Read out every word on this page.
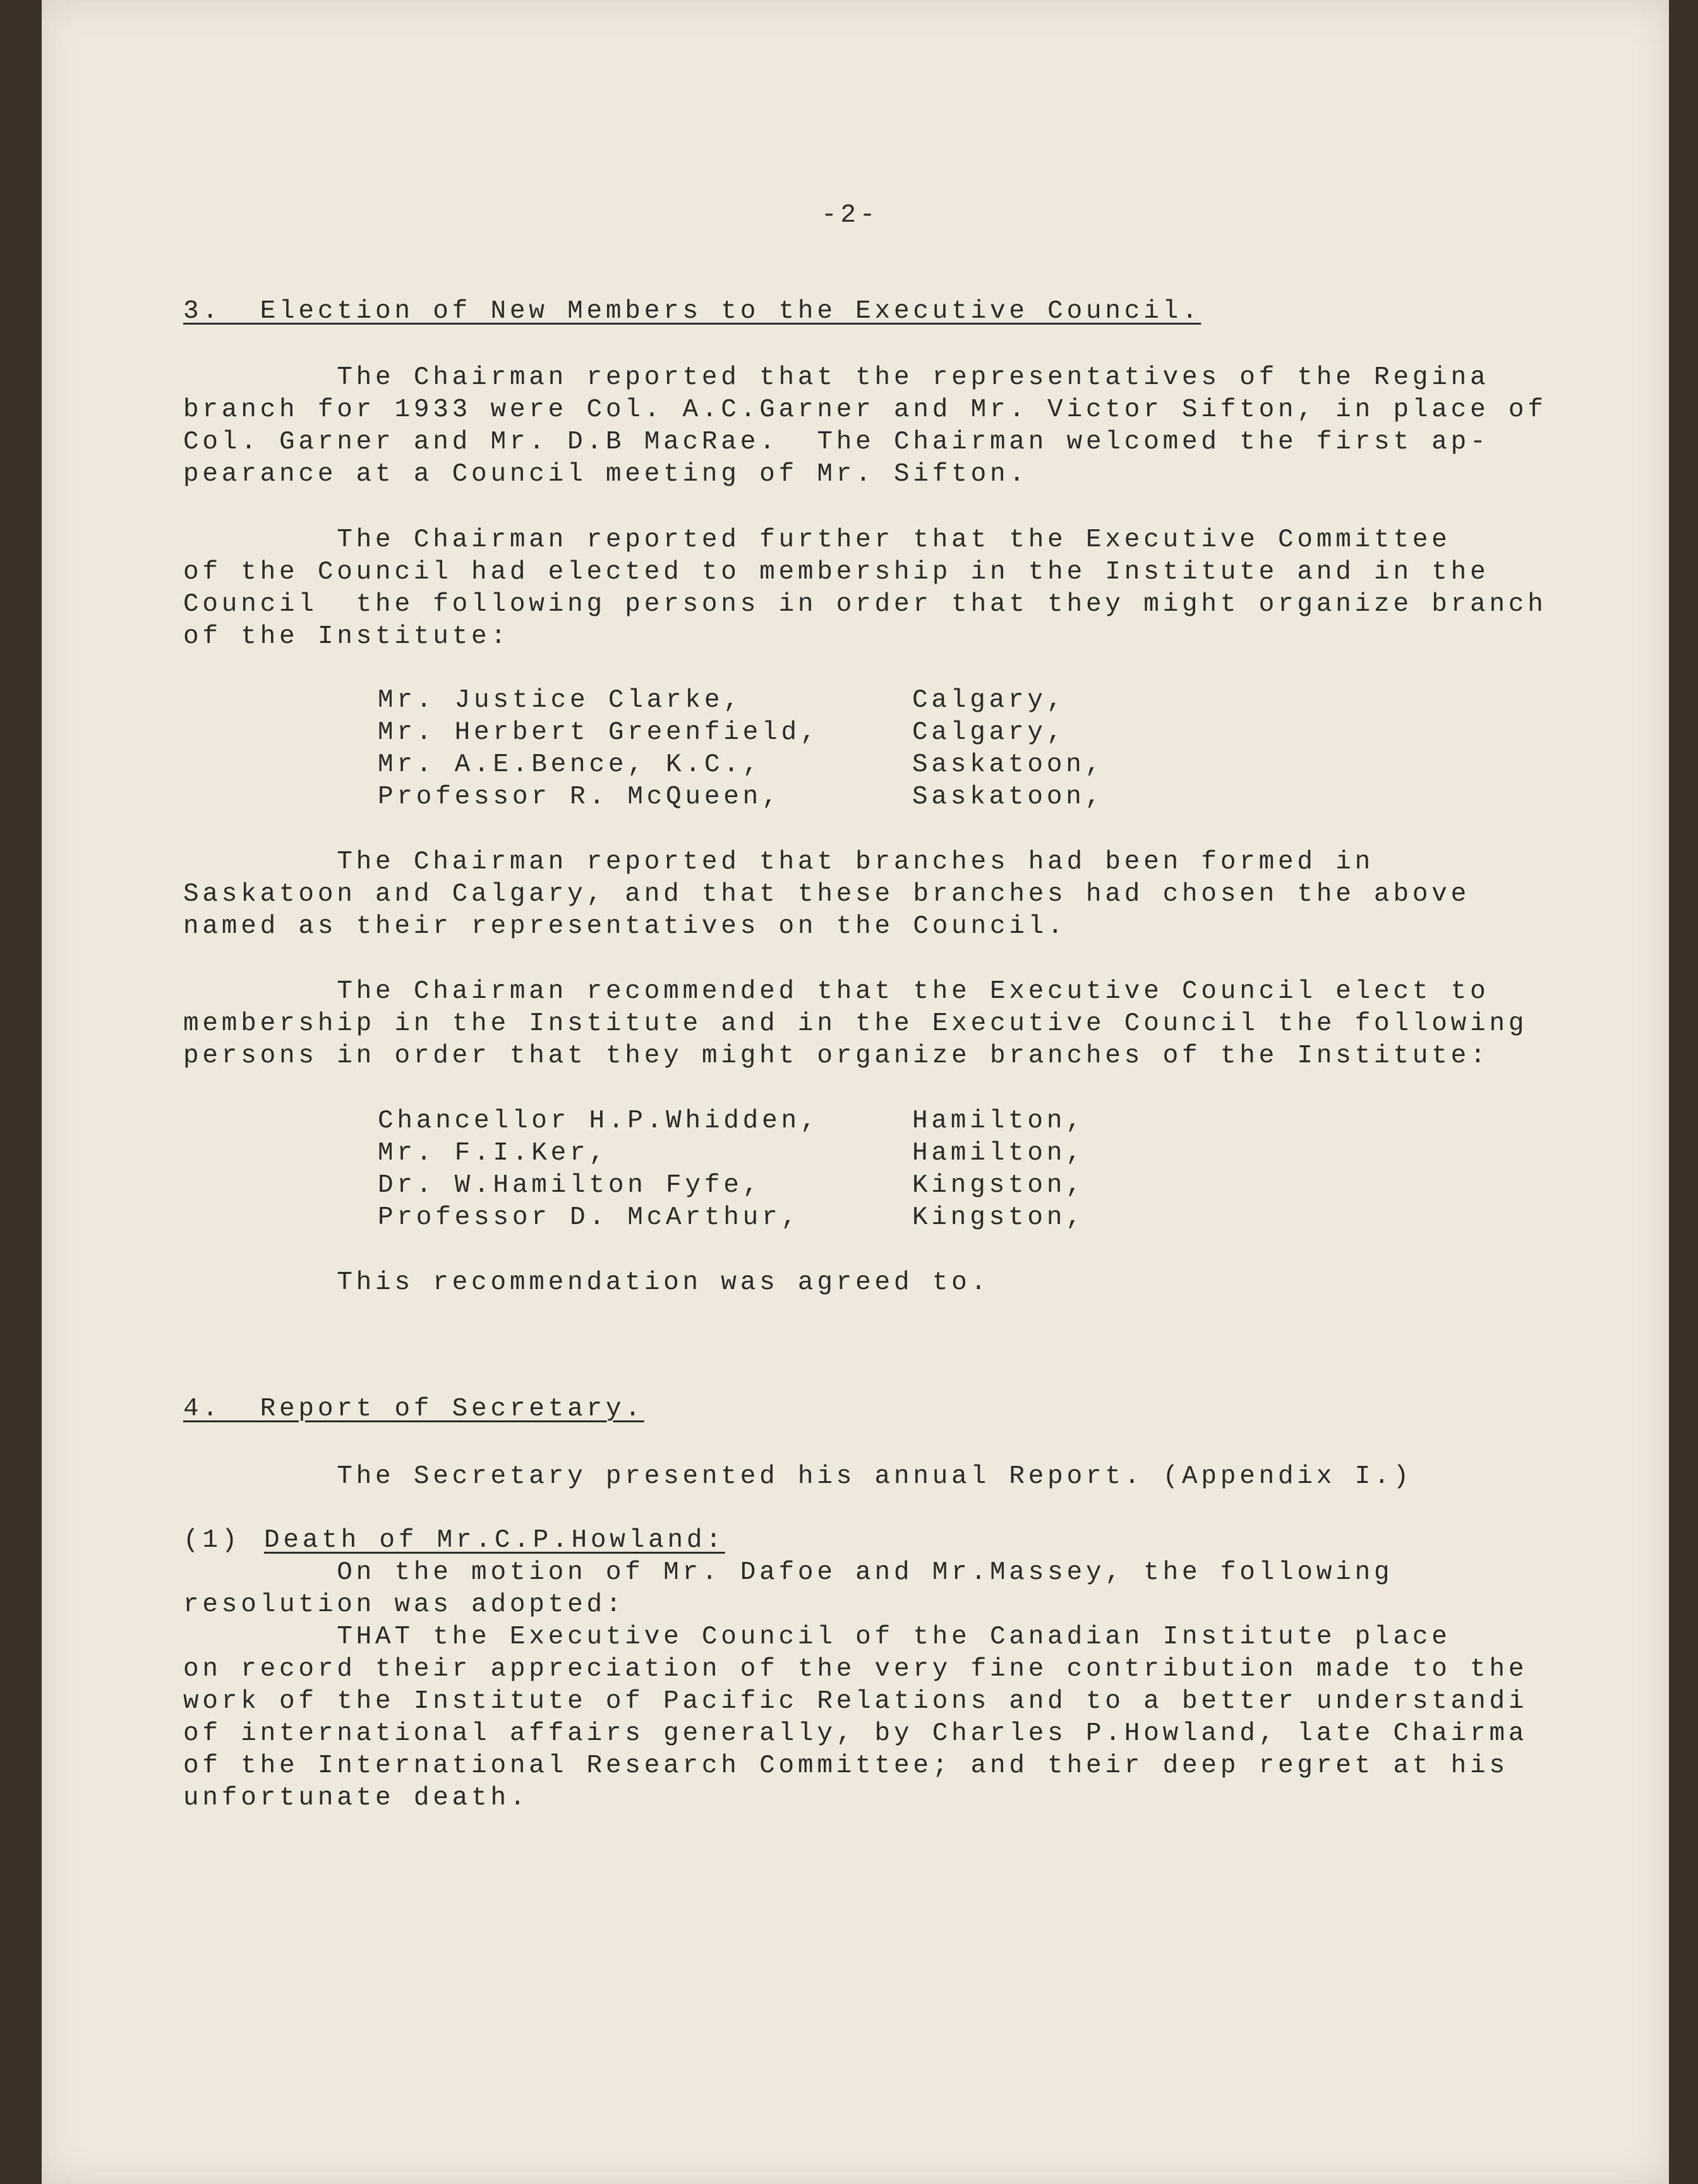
-2-
3.  Election of New Members to the Executive Council.
The Chairman reported that the representatives of the Regina
branch for 1933 were Col. A.C.Garner and Mr. Victor Sifton, in place of
Col. Garner and Mr. D.B MacRae.  The Chairman welcomed the first ap-
pearance at a Council meeting of Mr. Sifton.
The Chairman reported further that the Executive Committee
of the Council had elected to membership in the Institute and in the
Council  the following persons in order that they might organize branch
of the Institute:
Mr. Justice Clarke,	Calgary,
Mr. Herbert Greenfield,	Calgary,
Mr. A.E.Bence, K.C.,	Saskatoon,
Professor R. McQueen,	Saskatoon,
The Chairman reported that branches had been formed in
Saskatoon and Calgary, and that these branches had chosen the above
named as their representatives on the Council.
The Chairman recommended that the Executive Council elect to
membership in the Institute and in the Executive Council the following
persons in order that they might organize branches of the Institute:
Chancellor H.P.Whidden,	Hamilton,
Mr. F.I.Ker,	Hamilton,
Dr. W.Hamilton Fyfe,	Kingston,
Professor D. McArthur,	Kingston,
This recommendation was agreed to.
4.  Report of Secretary.
The Secretary presented his annual Report. (Appendix I.)
(1) Death of Mr.C.P.Howland:
On the motion of Mr. Dafoe and Mr.Massey, the following
resolution was adopted:
THAT the Executive Council of the Canadian Institute place
on record their appreciation of the very fine contribution made to the
work of the Institute of Pacific Relations and to a better understandi
of international affairs generally, by Charles P.Howland, late Chairma
of the International Research Committee; and their deep regret at his
unfortunate death.
